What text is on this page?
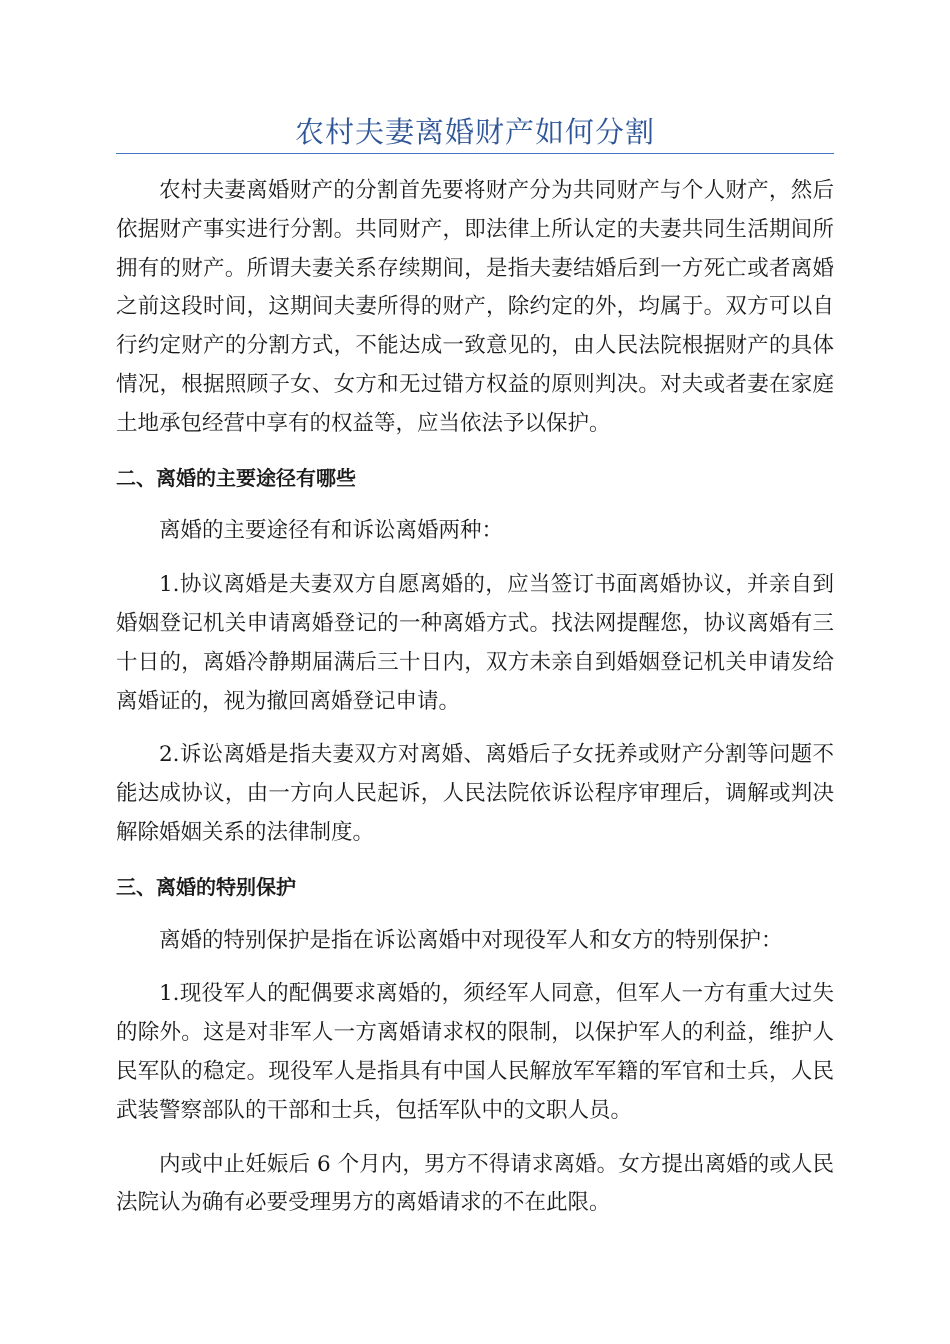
农村夫妻离婚财产如何分割

农村夫妻离婚财产的分割首先要将财产分为共同财产与个人财产，然后依据财产事实进行分割。共同财产，即法律上所认定的夫妻共同生活期间所拥有的财产。所谓夫妻关系存续期间，是指夫妻结婚后到一方死亡或者离婚之前这段时间，这期间夫妻所得的财产，除约定的外，均属于。双方可以自行约定财产的分割方式，不能达成一致意见的，由人民法院根据财产的具体情况，根据照顾子女、女方和无过错方权益的原则判决。对夫或者妻在家庭土地承包经营中享有的权益等，应当依法予以保护。

二、离婚的主要途径有哪些

离婚的主要途径有和诉讼离婚两种：

1.协议离婚是夫妻双方自愿离婚的，应当签订书面离婚协议，并亲自到婚姻登记机关申请离婚登记的一种离婚方式。找法网提醒您，协议离婚有三十日的，离婚冷静期届满后三十日内，双方未亲自到婚姻登记机关申请发给离婚证的，视为撤回离婚登记申请。

2.诉讼离婚是指夫妻双方对离婚、离婚后子女抚养或财产分割等问题不能达成协议，由一方向人民起诉，人民法院依诉讼程序审理后，调解或判决解除婚姻关系的法律制度。

三、离婚的特别保护

离婚的特别保护是指在诉讼离婚中对现役军人和女方的特别保护：

1.现役军人的配偶要求离婚的，须经军人同意，但军人一方有重大过失的除外。这是对非军人一方离婚请求权的限制，以保护军人的利益，维护人民军队的稳定。现役军人是指具有中国人民解放军军籍的军官和士兵，人民武装警察部队的干部和士兵，包括军队中的文职人员。

内或中止妊娠后 6 个月内，男方不得请求离婚。女方提出离婚的或人民法院认为确有必要受理男方的离婚请求的不在此限。
